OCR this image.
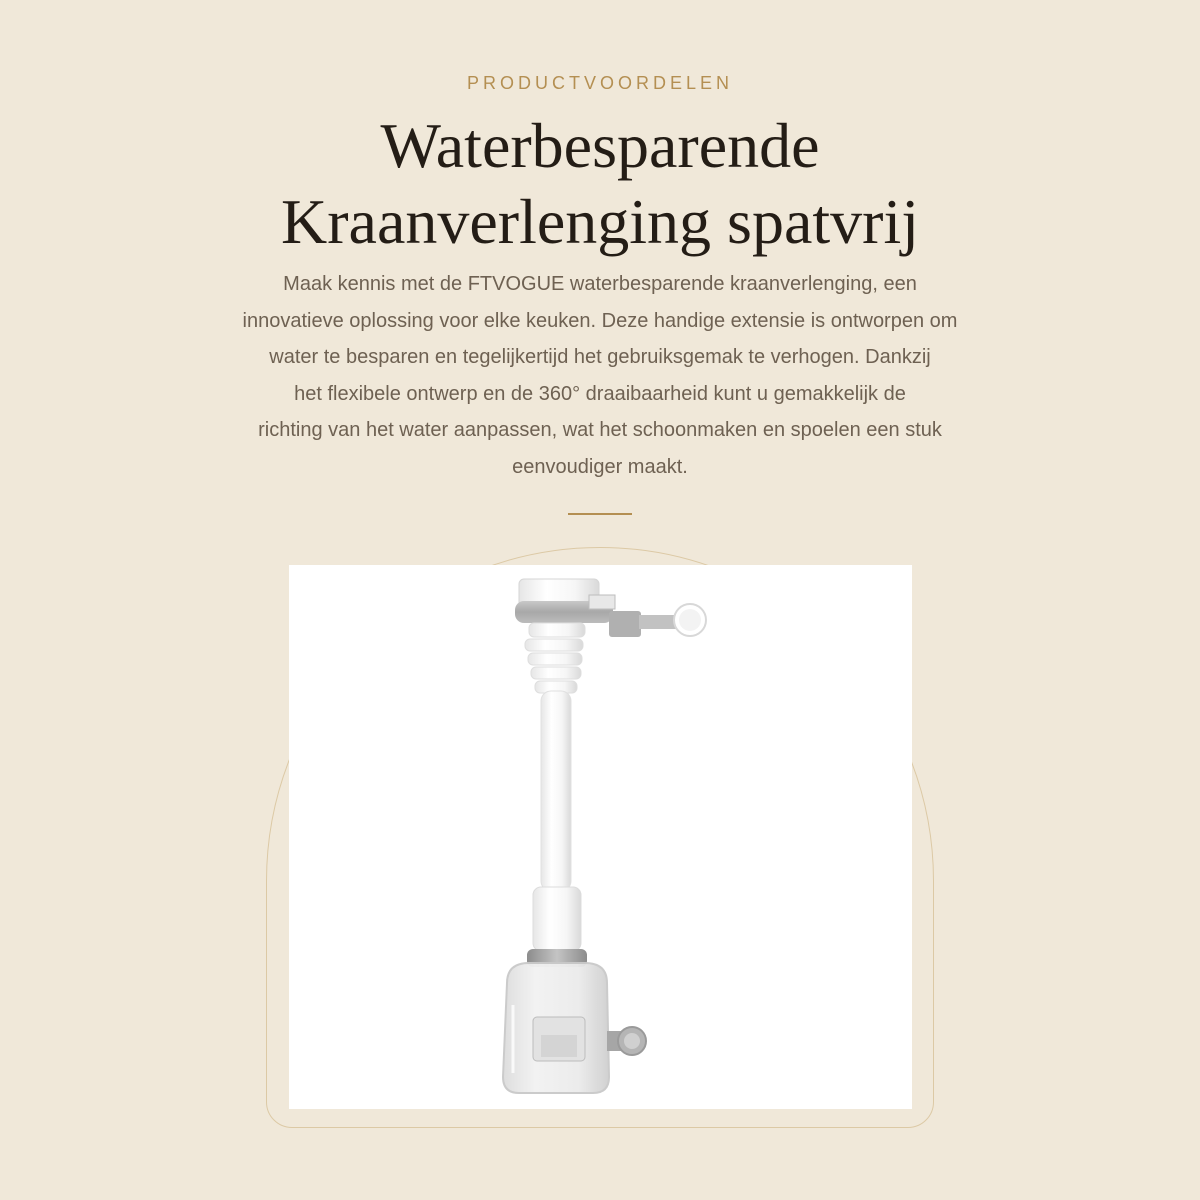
PRODUCTVOORDELEN
Waterbesparende
Kraanverlenging spatvrij

Maak kennis met de FTVOGUE waterbesparende kraanverlenging, een
innovatieve oplossing voor elke keuken. Deze handige extensie is ontworpen om
water te besparen en tegelijkertijd het gebruiksgemak te verhogen. Dankzij
het flexibele ontwerp en de 360° draaibaarheid kunt u gemakkelijk de
richting van het water aanpassen, wat het schoonmaken en spoelen een stuk
eenvoudiger maakt.
